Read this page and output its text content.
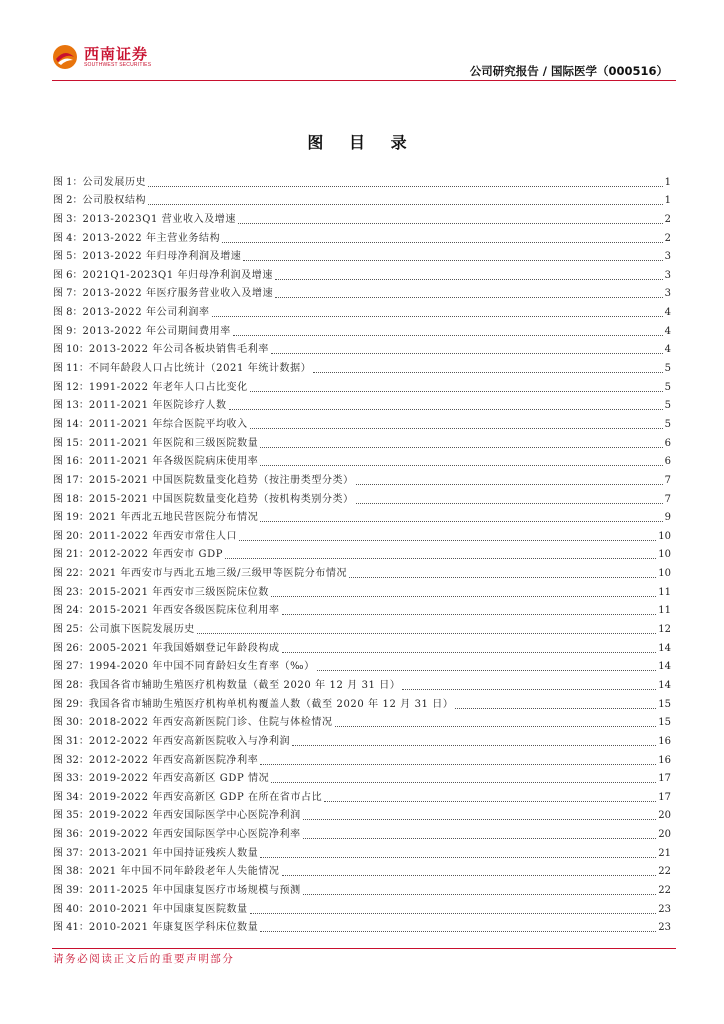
西南证券
SOUTHWEST SECURITIES	公司研究报告 / 国际医学（000516）
图 目 录
图 1： 公司发展历史	1
图 2： 公司股权结构	1
图 3： 2013-2023Q1 营业收入及增速	2
图 4： 2013-2022 年主营业务结构	2
图 5： 2013-2022 年归母净利润及增速	3
图 6： 2021Q1-2023Q1 年归母净利润及增速	3
图 7： 2013-2022 年医疗服务营业收入及增速	3
图 8： 2013-2022 年公司利润率	4
图 9： 2013-2022 年公司期间费用率	4
图 10： 2013-2022 年公司各板块销售毛利率	4
图 11： 不同年龄段人口占比统计（2021 年统计数据）	5
图 12： 1991-2022 年老年人口占比变化	5
图 13： 2011-2021 年医院诊疗人数	5
图 14： 2011-2021 年综合医院平均收入	5
图 15： 2011-2021 年医院和三级医院数量	6
图 16： 2011-2021 年各级医院病床使用率	6
图 17： 2015-2021 中国医院数量变化趋势（按注册类型分类）	7
图 18： 2015-2021 中国医院数量变化趋势（按机构类别分类）	7
图 19： 2021 年西北五地民营医院分布情况	9
图 20： 2011-2022 年西安市常住人口	10
图 21： 2012-2022 年西安市 GDP	10
图 22： 2021 年西安市与西北五地三级/三级甲等医院分布情况	10
图 23： 2015-2021 年西安市三级医院床位数	11
图 24： 2015-2021 年西安各级医院床位利用率	11
图 25： 公司旗下医院发展历史	12
图 26： 2005-2021 年我国婚姻登记年龄段构成	14
图 27： 1994-2020 年中国不同育龄妇女生育率（‰）	14
图 28： 我国各省市辅助生殖医疗机构数量（截至 2020 年 12 月 31 日）	14
图 29： 我国各省市辅助生殖医疗机构单机构覆盖人数（截至 2020 年 12 月 31 日）	15
图 30： 2018-2022 年西安高新医院门诊、住院与体检情况	15
图 31： 2012-2022 年西安高新医院收入与净利润	16
图 32： 2012-2022 年西安高新医院净利率	16
图 33： 2019-2022 年西安高新区 GDP 情况	17
图 34： 2019-2022 年西安高新区 GDP 在所在省市占比	17
图 35： 2019-2022 年西安国际医学中心医院净利润	20
图 36： 2019-2022 年西安国际医学中心医院净利率	20
图 37： 2013-2021 年中国持证残疾人数量	21
图 38： 2021 年中国不同年龄段老年人失能情况	22
图 39： 2011-2025 年中国康复医疗市场规模与预测	22
图 40： 2010-2021 年中国康复医院数量	23
图 41： 2010-2021 年康复医学科床位数量	23
请务必阅读正文后的重要声明部分
